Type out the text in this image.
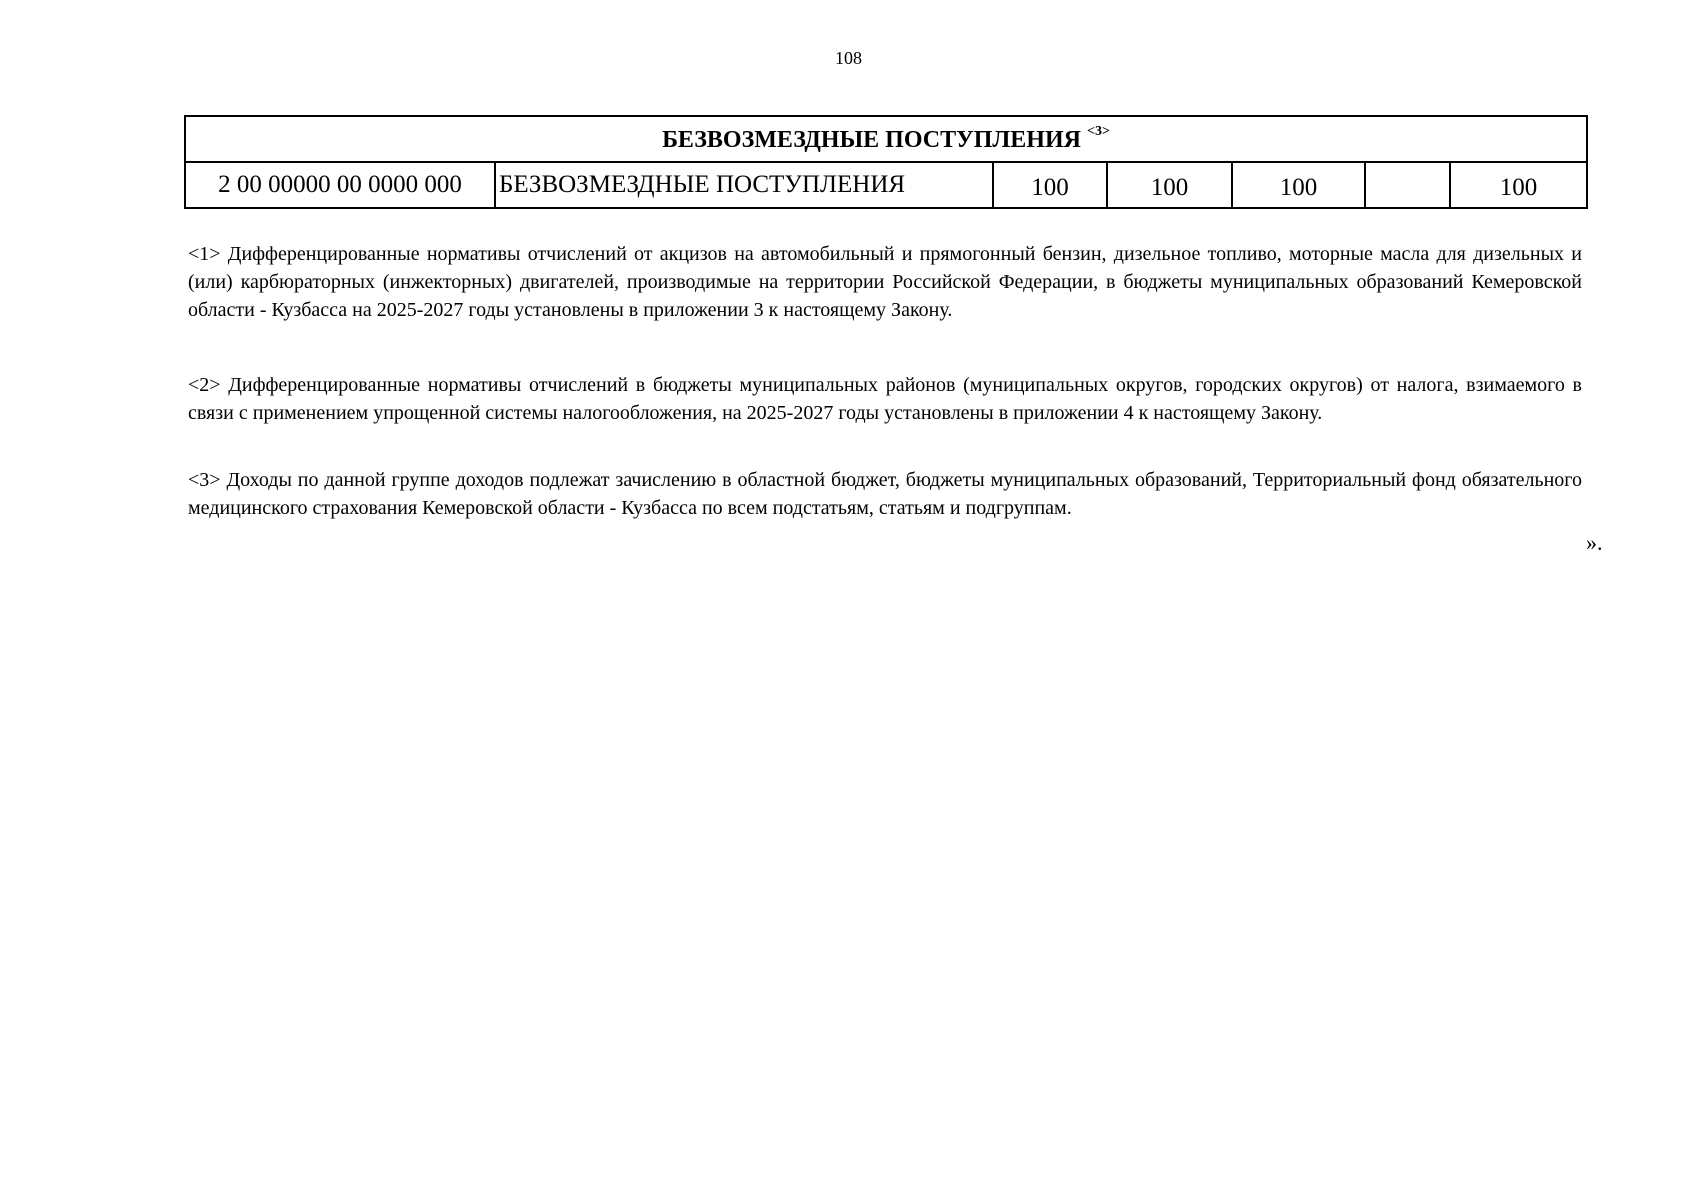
108
БЕЗВОЗМЕЗДНЫЕ ПОСТУПЛЕНИЯ $^{<3>}$
2 00 00000 00 0000 000	БЕЗВОЗМЕЗДНЫЕ ПОСТУПЛЕНИЯ	100	100	100		100
<1> Дифференцированные нормативы отчислений от акцизов на автомобильный и прямогонный бензин, дизельное топливо, моторные масла для дизельных и (или) карбюраторных (инжекторных) двигателей, производимые на территории Российской Федерации, в бюджеты муниципальных образований Кемеровской области - Кузбасса на 2025-2027 годы установлены в приложении 3 к настоящему Закону.
<2> Дифференцированные нормативы отчислений в бюджеты муниципальных районов (муниципальных округов, городских округов) от налога, взимаемого в связи с применением упрощенной системы налогообложения, на 2025-2027 годы установлены в приложении 4 к настоящему Закону.
<3> Доходы по данной группе доходов подлежат зачислению в областной бюджет, бюджеты муниципальных образований, Территориальный фонд обязательного медицинского страхования Кемеровской области - Кузбасса по всем подстатьям, статьям и подгруппам.
».
